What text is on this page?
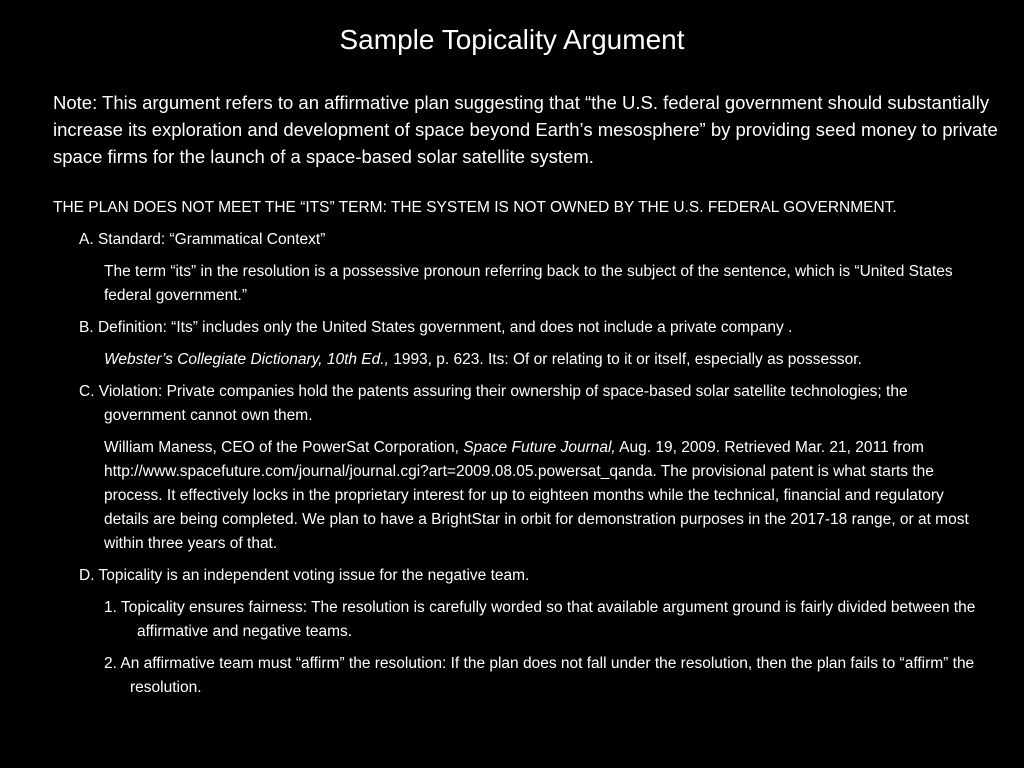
Sample Topicality Argument
Note: This argument refers to an affirmative plan suggesting that “the U.S. federal government should substantially increase its exploration and development of space beyond Earth’s mesosphere” by providing seed money to private space firms for the launch of a space-based solar satellite system.
THE PLAN DOES NOT MEET THE “ITS” TERM: THE SYSTEM IS NOT OWNED BY THE U.S. FEDERAL GOVERNMENT.
A. Standard: “Grammatical Context”
The term “its” in the resolution is a possessive pronoun referring back to the subject of the sentence, which is “United States federal government.”
B. Definition: “Its” includes only the United States government, and does not include a private company .
Webster’s Collegiate Dictionary, 10th Ed., 1993, p. 623. Its: Of or relating to it or itself, especially as possessor.
C. Violation: Private companies hold the patents assuring their ownership of space-based solar satellite technologies; the government cannot own them.
William Maness, CEO of the PowerSat Corporation, Space Future Journal, Aug. 19, 2009. Retrieved Mar. 21, 2011 from http://www.spacefuture.com/journal/journal.cgi?art=2009.08.05.powersat_qanda. The provisional patent is what starts the process. It effectively locks in the proprietary interest for up to eighteen months while the technical, financial and regulatory details are being completed. We plan to have a BrightStar in orbit for demonstration purposes in the 2017-18 range, or at most within three years of that.
D. Topicality is an independent voting issue for the negative team.
1. Topicality ensures fairness: The resolution is carefully worded so that available argument ground is fairly divided between the affirmative and negative teams.
2. An affirmative team must “affirm” the resolution: If the plan does not fall under the resolution, then the plan fails to “affirm” the resolution.
